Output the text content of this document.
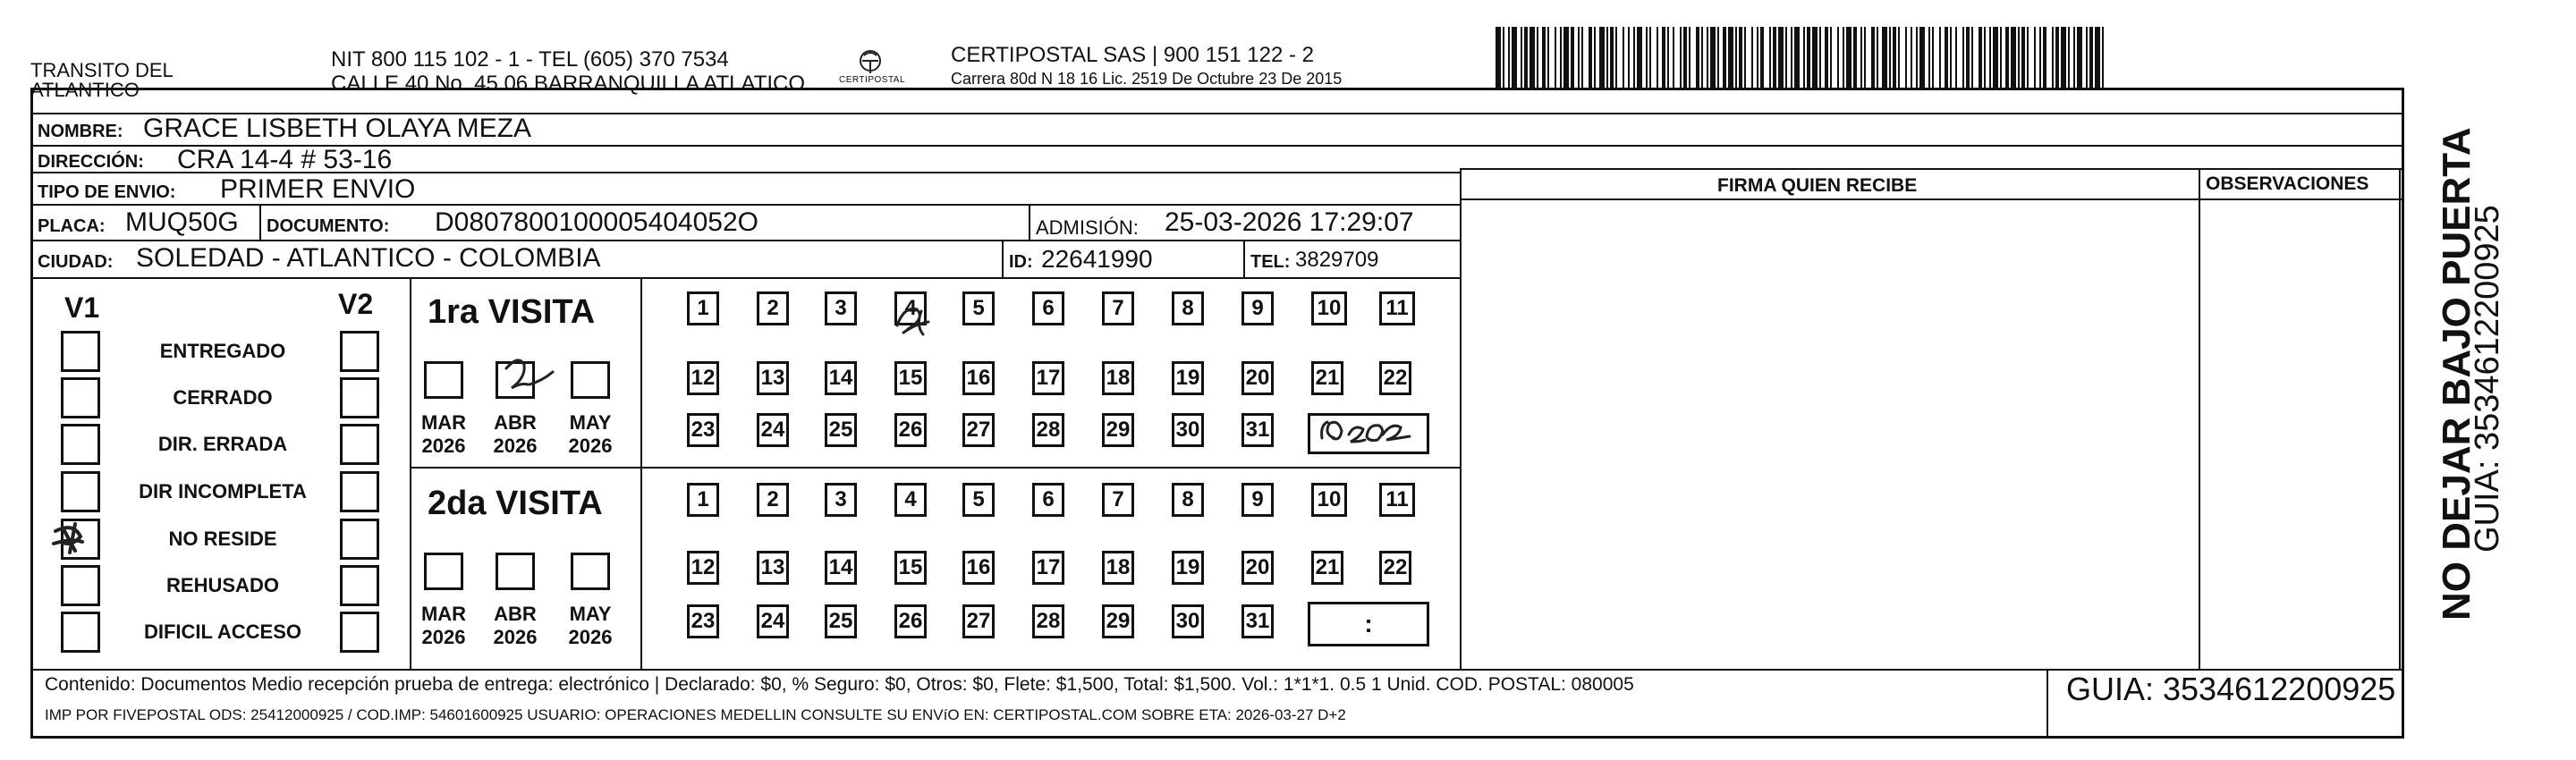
TRANSITO DEL
ATLANTICO
NIT 800 115 102 - 1 - TEL (605) 370 7534
CALLE 40 No. 45 06 BARRANQUILLA ATLATICO	CERTIPOSTAL
CERTIPOSTAL SAS | 900 151 122 - 2
Carrera 80d N 18 16 Lic. 2519 De Octubre 23 De 2015
NOMBRE: GRACE LISBETH OLAYA MEZA
DIRECCIÓN: CRA 14-4 # 53-16
TIPO DE ENVIO: PRIMER ENVIO
PLACA: MUQ50G DOCUMENTO: D0807800100005404052O	ADMISIÓN: 25-03-2026 17:29:07
CIUDAD: SOLEDAD - ATLANTICO - COLOMBIA	ID: 22641990	TEL: 3829709
FIRMA QUIEN RECIBE	OBSERVACIONES
V1	V2
ENTREGADO
CERRADO
DIR. ERRADA
DIR INCOMPLETA
NO RESIDE
REHUSADO
DIFICIL ACCESO
1ra VISITA
2da VISITA
MAR
2026
ABR
2026
MAY
2026
MAR
2026
ABR
2026
MAY
2026
1	2	3	4	5	6	7	8	9	10	11
12 13 14 15 16 17 18 19 20 21 22
23 24 25 26 27 28 29 30 31
1	2	3	4	5	6	7	8	9	10	11
12 13 14 15 16 17 18 19 20 21 22
23 24 25 26 27 28 29 30 31	:
Contenido: Documentos Medio recepción prueba de entrega: electrónico | Declarado: $0, % Seguro: $0, Otros: $0, Flete: $1,500, Total: $1,500. Vol.: 1*1*1. 0.5 1 Unid. COD. POSTAL: 080005
IMP POR FIVEPOSTAL ODS: 25412000925 / COD.IMP: 54601600925 USUARIO: OPERACIONES MEDELLIN CONSULTE SU ENVíO EN: CERTIPOSTAL.COM SOBRE ETA: 2026-03-27 D+2
GUIA: 3534612200925
NO DEJAR BAJO PUERTA
GUIA: 3534612200925
